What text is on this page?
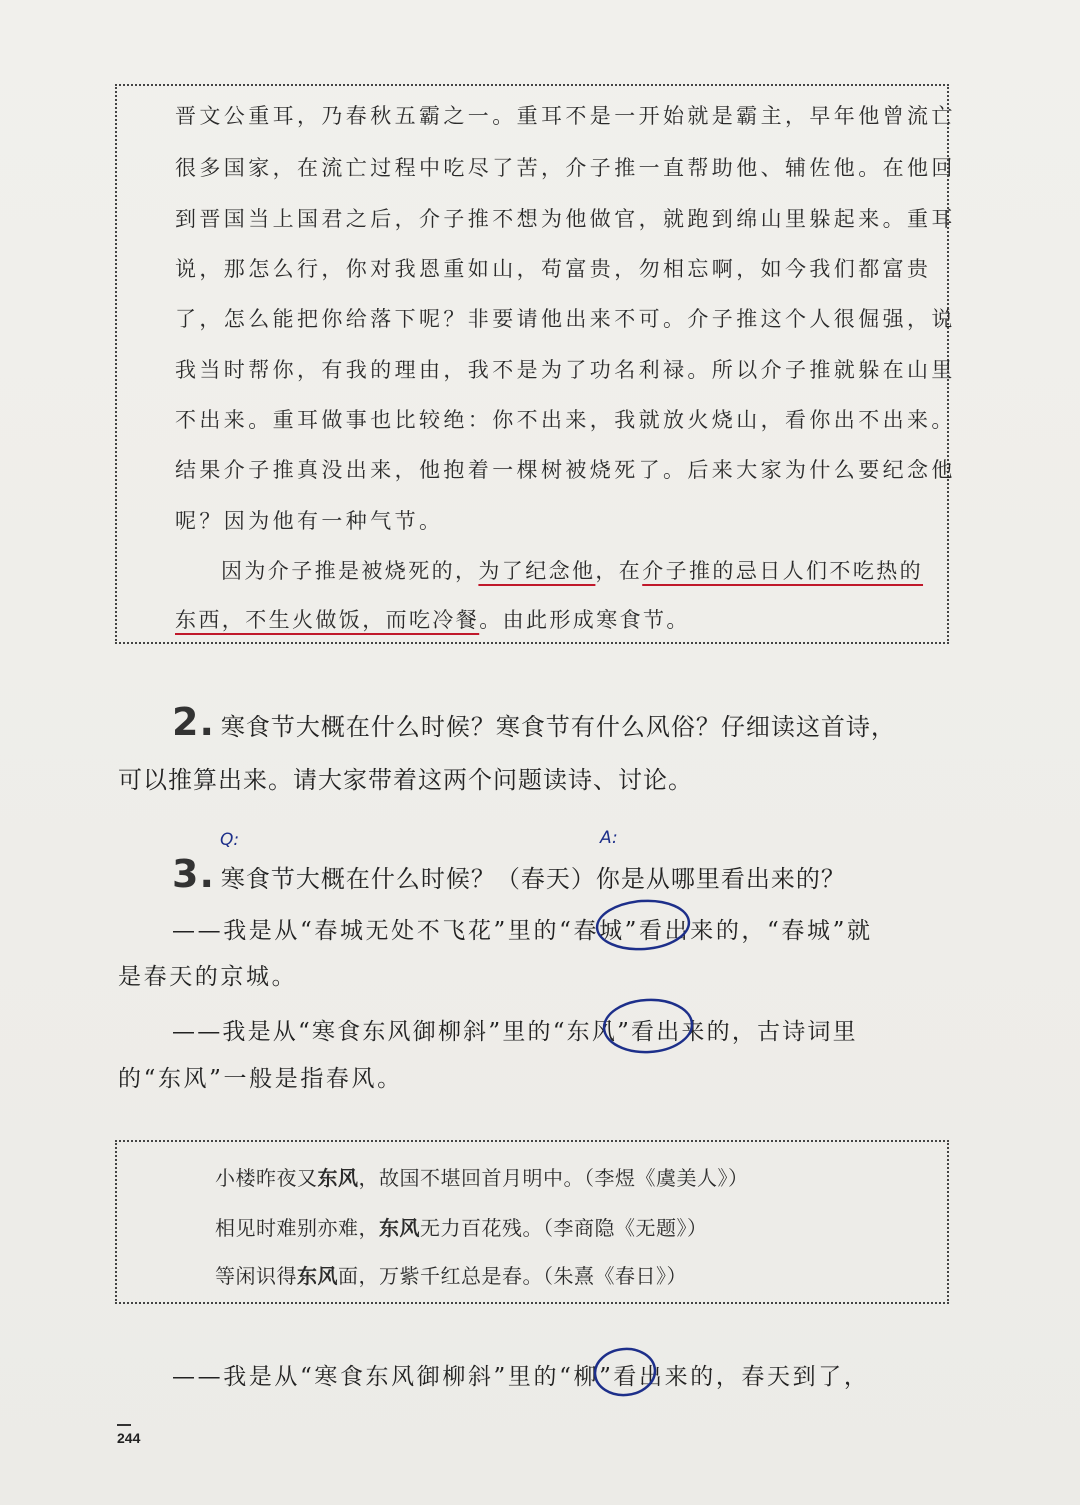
晋文公重耳，乃春秋五霸之一。重耳不是一开始就是霸主，早年他曾流亡
很多国家，在流亡过程中吃尽了苦，介子推一直帮助他、辅佐他。在他回
到晋国当上国君之后，介子推不想为他做官，就跑到绵山里躲起来。重耳
说，那怎么行，你对我恩重如山，苟富贵，勿相忘啊，如今我们都富贵
了，怎么能把你给落下呢？非要请他出来不可。介子推这个人很倔强，说
我当时帮你，有我的理由，我不是为了功名利禄。所以介子推就躲在山里
不出来。重耳做事也比较绝：你不出来，我就放火烧山，看你出不出来。
结果介子推真没出来，他抱着一棵树被烧死了。后来大家为什么要纪念他
呢？因为他有一种气节。
因为介子推是被烧死的，为了纪念他，在介子推的忌日人们不吃热的
东西，不生火做饭，而吃冷餐。由此形成寒食节。
2. 寒食节大概在什么时候？寒食节有什么风俗？仔细读这首诗，
可以推算出来。请大家带着这两个问题读诗、讨论。
Q:	A:
3. 寒食节大概在什么时候？（春天）你是从哪里看出来的？
——我是从“春城无处不飞花”里的“春城”看出来的，“春城”就
是春天的京城。
——我是从“寒食东风御柳斜”里的“东风”看出来的，古诗词里
的“东风”一般是指春风。
小楼昨夜又东风，故国不堪回首月明中。（李煜《虞美人》）
相见时难别亦难，东风无力百花残。（李商隐《无题》）
等闲识得东风面，万紫千红总是春。（朱熹《春日》）
——我是从“寒食东风御柳斜”里的“柳”看出来的，春天到了，
244
